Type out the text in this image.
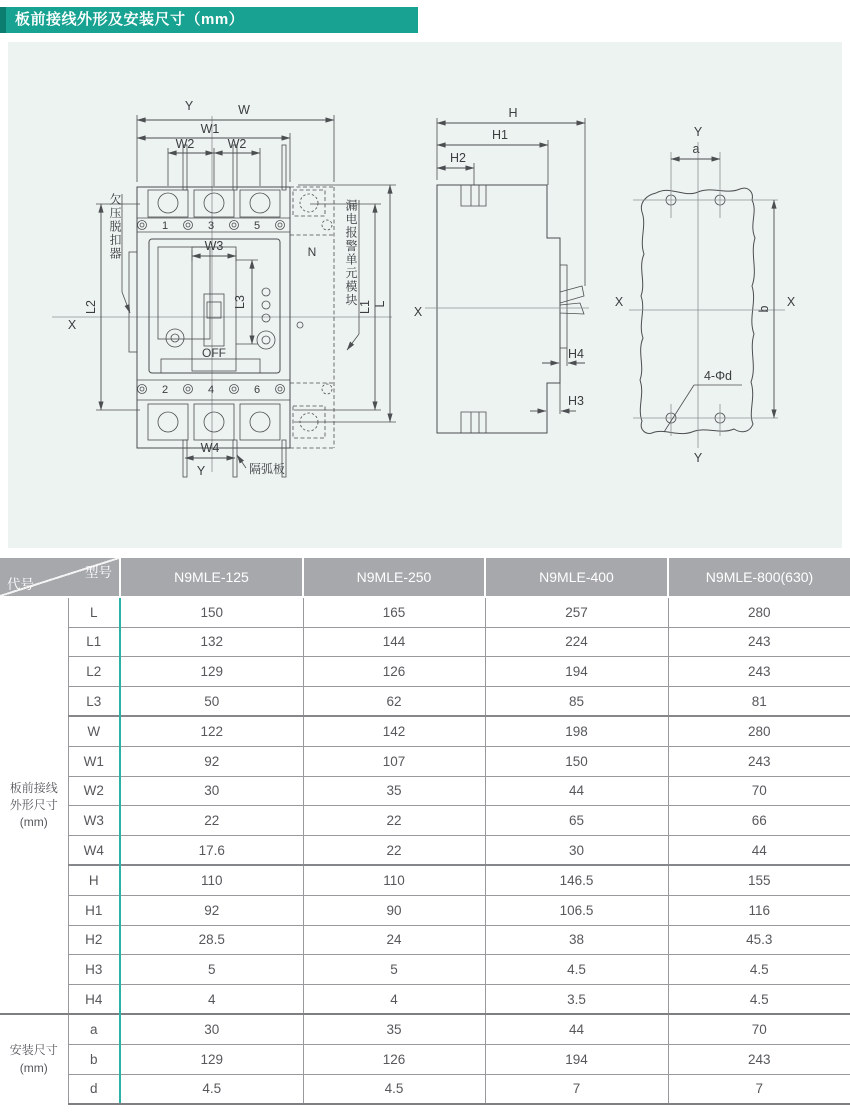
板前接线外形及安装尺寸（mm）
X
Y
Y
1	3	5
OFF
2	4	6
N
W
W1
W2	W2
W3
L3
L2	L1 L
W4
隔弧板
X
H
H1
H2
H4
H3
X	X
Y
Y
a
b
4-Φd
欠压脱扣器	漏电报警单元模块
型号
代号		N9MLE-125	N9MLE-250	N9MLE-400	N9MLE-800(630)
板前接线
外形尺寸
(mm)	L	150	165	257	280
	L1	132	144	224	243
	L2	129	126	194	243
	L3	50	62	85	81
	W	122	142	198	280
	W1	92	107	150	243
	W2	30	35	44	70
	W3	22	22	65	66
	W4	17.6	22	30	44
	H	110	110	146.5	155
	H1	92	90	106.5	116
	H2	28.5	24	38	45.3
	H3	5	5	4.5	4.5
	H4	4	4	3.5	4.5
安装尺寸
(mm)	a	30	35	44	70
	b	129	126	194	243
	d	4.5	4.5	7	7
